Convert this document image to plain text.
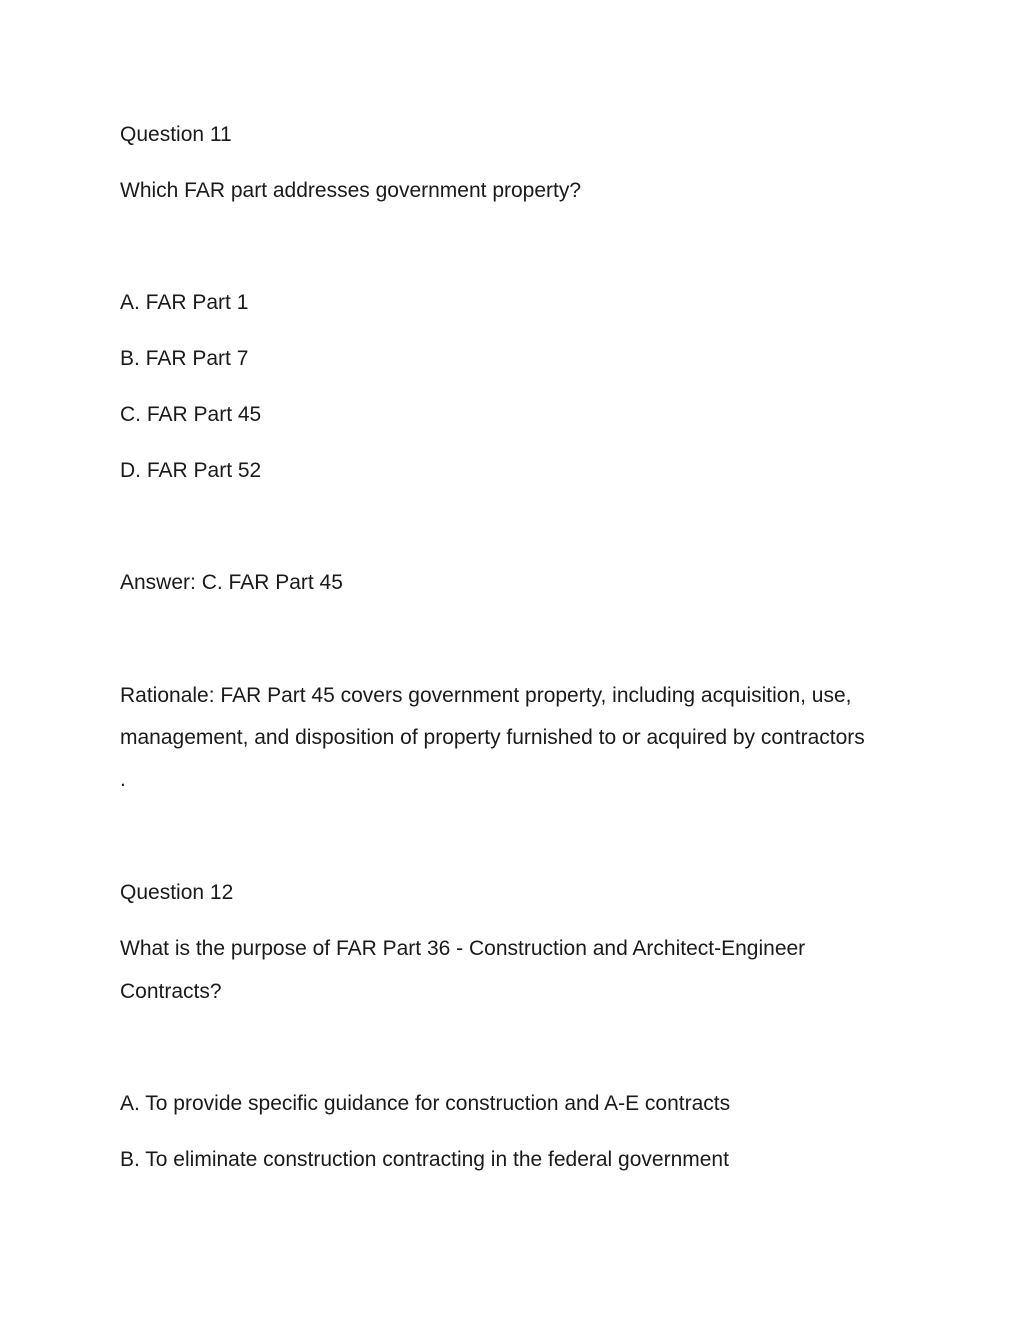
Question 11

Which FAR part addresses government property?

A. FAR Part 1

B. FAR Part 7

C. FAR Part 45

D. FAR Part 52

Answer: C. FAR Part 45

Rationale: FAR Part 45 covers government property, including acquisition, use,

management, and disposition of property furnished to or acquired by contractors

.

Question 12

What is the purpose of FAR Part 36 - Construction and Architect-Engineer

Contracts?

A. To provide specific guidance for construction and A-E contracts

B. To eliminate construction contracting in the federal government
